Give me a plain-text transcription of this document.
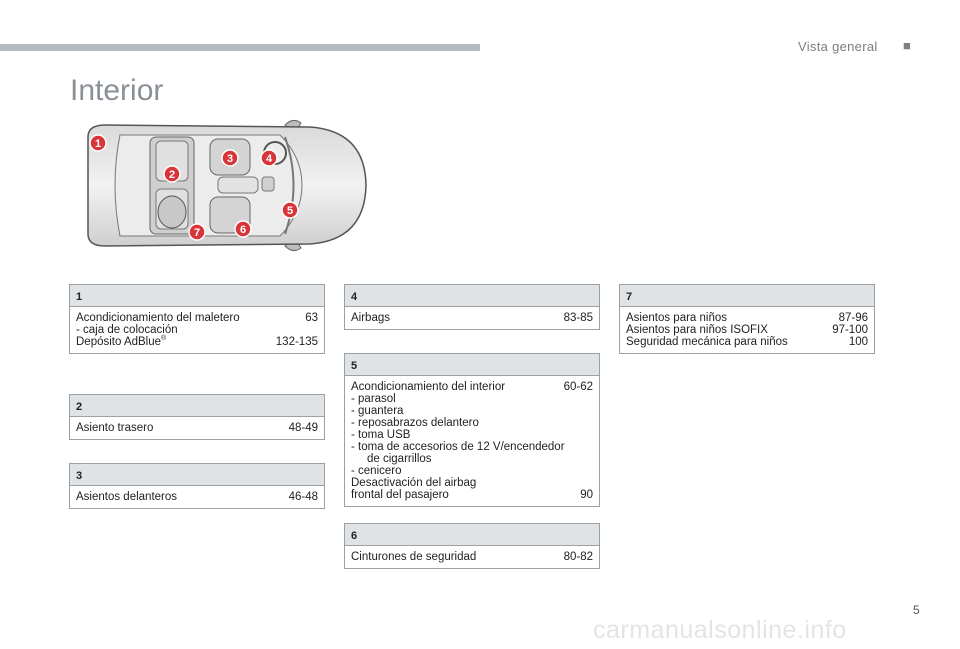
Vista general ■
Interior
1
2
3	4
5
6
7
1
Acondicionamiento del maletero	63
- caja de colocación
Depósito AdBlue®	132-135
2
Asiento trasero	48-49
3
Asientos delanteros	46-48
4
Airbags	83-85
5
Acondicionamiento del interior	60-62
- parasol
- guantera
- reposabrazos delantero
- toma USB
- toma de accesorios de 12 V/encendedor
de cigarrillos
- cenicero
Desactivación del airbag
frontal del pasajero	90
6
Cinturones de seguridad	80-82
7
Asientos para niños	87-96
Asientos para niños ISOFIX	97-100
Seguridad mecánica para niños	100
5
carmanualsonline.info
